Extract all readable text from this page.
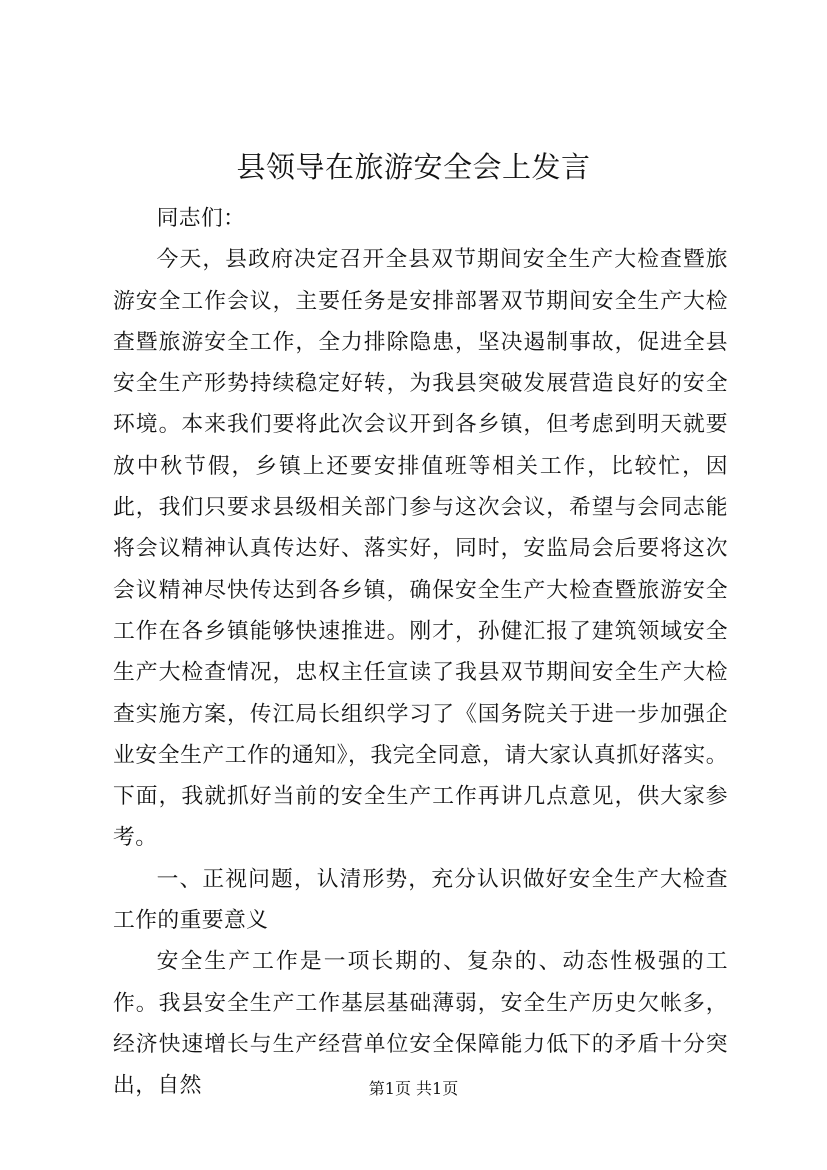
县领导在旅游安全会上发言

同志们：

今天，县政府决定召开全县双节期间安全生产大检查暨旅游安全工作会议，主要任务是安排部署双节期间安全生产大检查暨旅游安全工作，全力排除隐患，坚决遏制事故，促进全县安全生产形势持续稳定好转，为我县突破发展营造良好的安全环境。本来我们要将此次会议开到各乡镇，但考虑到明天就要放中秋节假，乡镇上还要安排值班等相关工作，比较忙，因此，我们只要求县级相关部门参与这次会议，希望与会同志能将会议精神认真传达好、落实好，同时，安监局会后要将这次会议精神尽快传达到各乡镇，确保安全生产大检查暨旅游安全工作在各乡镇能够快速推进。刚才，孙健汇报了建筑领域安全生产大检查情况，忠权主任宣读了我县双节期间安全生产大检查实施方案，传江局长组织学习了《国务院关于进一步加强企业安全生产工作的通知》，我完全同意，请大家认真抓好落实。下面，我就抓好当前的安全生产工作再讲几点意见，供大家参考。

一、正视问题，认清形势，充分认识做好安全生产大检查工作的重要意义

安全生产工作是一项长期的、复杂的、动态性极强的工作。我县安全生产工作基层基础薄弱，安全生产历史欠帐多，经济快速增长与生产经营单位安全保障能力低下的矛盾十分突出，自然	第1页 共1页
